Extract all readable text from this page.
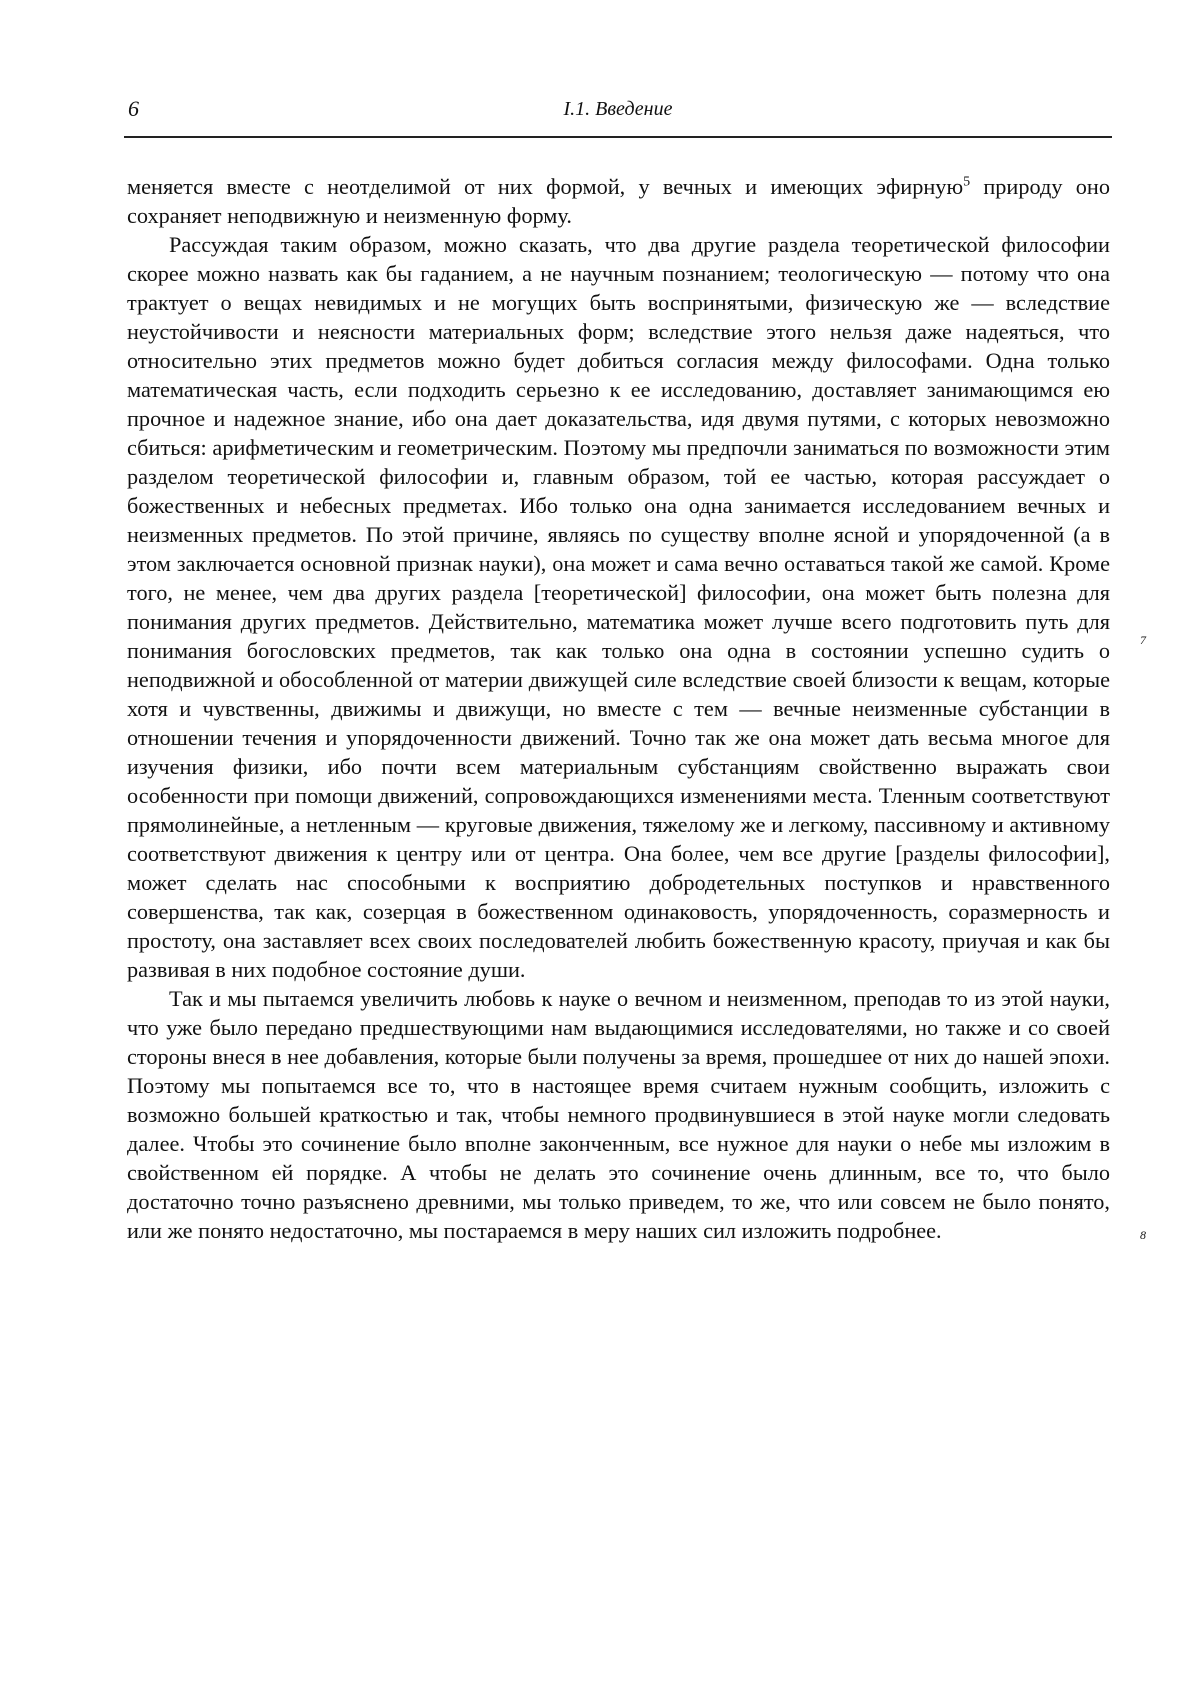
6	I.1. Введение

меняется вместе с неотделимой от них формой, у вечных и имеющих эфирную$^5$ природу оно сохраняет неподвижную и неизменную форму.

Рассуждая таким образом, можно сказать, что два другие раздела теоретической философии скорее можно назвать как бы гаданием, а не научным познанием; теологическую — потому что она трактует о вещах невидимых и не могущих быть воспринятыми, физическую же — вследствие неустойчивости и неясности материальных форм; вследствие этого нельзя даже надеяться, что относительно этих предметов можно будет добиться согласия между философами. Одна только математическая часть, если подходить серьезно к ее исследованию, доставляет занимающимся ею прочное и надежное знание, ибо она дает доказательства, идя двумя путями, с которых невозможно сбиться: арифметическим и геометрическим. Поэтому мы предпочли заниматься по возможности этим разделом теоретической философии и, главным образом, той ее частью, которая рассуждает о божественных и небесных предметах. Ибо только она одна занимается исследованием вечных и неизменных предметов. По этой причине, являясь по существу вполне ясной и упорядоченной (а в этом заключается основной признак науки), она может и сама вечно оставаться такой же самой. Кроме того, не менее, чем два других раздела [теоретической] философии, она может быть полезна для понимания других предметов. Действительно, математика может лучше всего подготовить путь для понимания богословских предметов, так как только она одна в состоянии успешно судить о неподвижной и обособленной от материи движущей силе вследствие своей близости к вещам, которые хотя и чувственны, движимы и движущи, но вместе с тем — вечные неизменные субстанции в отношении течения и упорядоченности движений. Точно так же она может дать весьма многое для изучения физики, ибо почти всем материальным субстанциям свойственно выражать свои особенности при помощи движений, сопровождающихся изменениями места. Тленным соответствуют прямолинейные, а нетленным — круговые движения, тяжелому же и легкому, пассивному и активному соответствуют движения к центру или от центра. Она более, чем все другие [разделы философии], может сделать нас способными к восприятию добродетельных поступков и нравственного совершенства, так как, созерцая в божественном одинаковость, упорядоченность, соразмерность и простоту, она заставляет всех своих последователей любить божественную красоту, приучая и как бы развивая в них подобное состояние души.

Так и мы пытаемся увеличить любовь к науке о вечном и неизменном, преподав то из этой науки, что уже было передано предшествующими нам выдающимися исследователями, но также и со своей стороны внеся в нее добавления, которые были получены за время, прошедшее от них до нашей эпохи. Поэтому мы попытаемся все то, что в настоящее время считаем нужным сообщить, изложить с возможно большей краткостью и так, чтобы немного продвинувшиеся в этой науке могли следовать далее. Чтобы это сочинение было вполне законченным, все нужное для науки о небе мы изложим в свойственном ей порядке. А чтобы не делать это сочинение очень длинным, все то, что было достаточно точно разъяснено древними, мы только приведем, то же, что или совсем не было понято, или же понято недостаточно, мы постараемся в меру наших сил изложить подробнее.

7
8
